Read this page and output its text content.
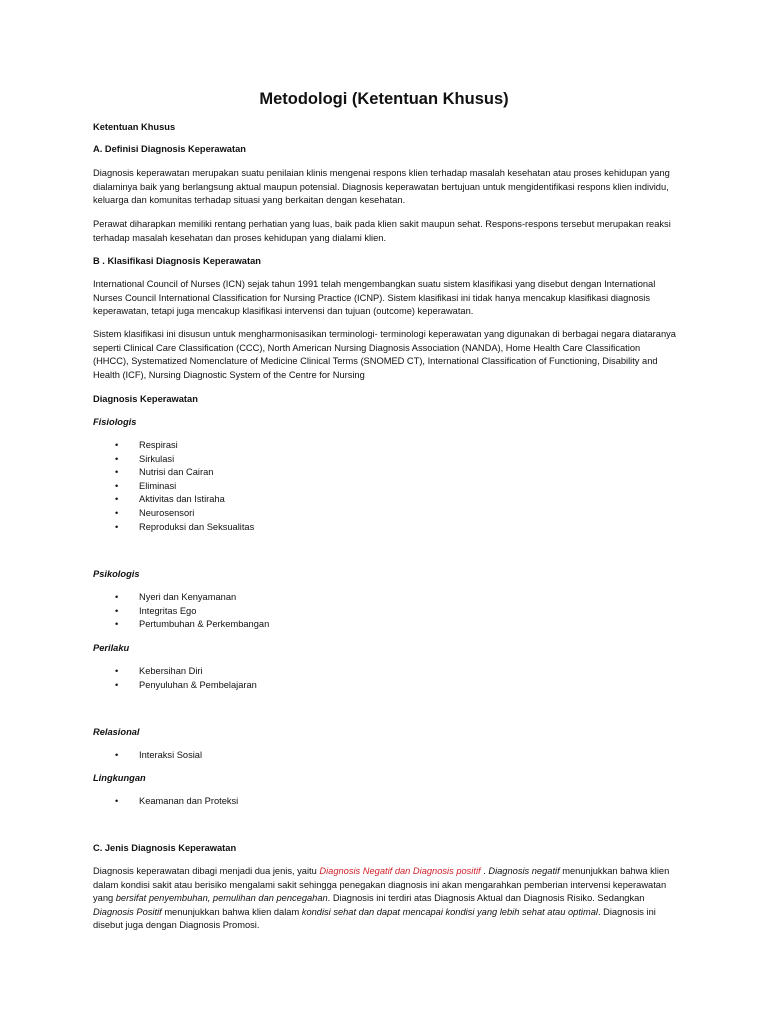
Metodologi (Ketentuan Khusus)

Ketentuan Khusus

A. Definisi Diagnosis Keperawatan

Diagnosis keperawatan merupakan suatu penilaian klinis mengenai respons klien terhadap masalah kesehatan atau proses kehidupan yang dialaminya baik yang berlangsung aktual maupun potensial. Diagnosis keperawatan bertujuan untuk mengidentifikasi respons klien individu, keluarga dan komunitas terhadap situasi yang berkaitan dengan kesehatan.

Perawat diharapkan memiliki rentang perhatian yang luas, baik pada klien sakit maupun sehat. Respons-respons tersebut merupakan reaksi terhadap masalah kesehatan dan proses kehidupan yang dialami klien.

B . Klasifikasi Diagnosis Keperawatan

International Council of Nurses (ICN) sejak tahun 1991 telah mengembangkan suatu sistem klasifikasi yang disebut dengan International Nurses Council International Classification for Nursing Practice (ICNP). Sistem klasifikasi ini tidak hanya mencakup klasifikasi diagnosis keperawatan, tetapi juga mencakup klasifikasi intervensi dan tujuan (outcome) keperawatan.

Sistem klasifikasi ini disusun untuk mengharmonisasikan terminologi- terminologi keperawatan yang digunakan di berbagai negara diataranya seperti Clinical Care Classification (CCC), North American Nursing Diagnosis Association (NANDA), Home Health Care Classification (HHCC), Systematized Nomenclature of Medicine Clinical Terms (SNOMED CT), International Classification of Functioning, Disability and Health (ICF), Nursing Diagnostic System of the Centre for Nursing

Diagnosis Keperawatan

Fisiologis

• Respirasi
• Sirkulasi
• Nutrisi dan Cairan
• Eliminasi
• Aktivitas dan Istiraha
• Neurosensori
• Reproduksi dan Seksualitas

Psikologis

• Nyeri dan Kenyamanan
• Integritas Ego
• Pertumbuhan & Perkembangan

Perilaku

• Kebersihan Diri
• Penyuluhan & Pembelajaran

Relasional

• Interaksi Sosial

Lingkungan

• Keamanan dan Proteksi

C. Jenis Diagnosis Keperawatan

Diagnosis keperawatan dibagi menjadi dua jenis, yaitu Diagnosis Negatif dan Diagnosis positif . Diagnosis negatif menunjukkan bahwa klien dalam kondisi sakit atau berisiko mengalami sakit sehingga penegakan diagnosis ini akan mengarahkan pemberian intervensi keperawatan yang bersifat penyembuhan, pemulihan dan pencegahan. Diagnosis ini terdiri atas Diagnosis Aktual dan Diagnosis Risiko. Sedangkan Diagnosis Positif menunjukkan bahwa klien dalam kondisi sehat dan dapat mencapai kondisi yang lebih sehat atau optimal. Diagnosis ini disebut juga dengan Diagnosis Promosi.
